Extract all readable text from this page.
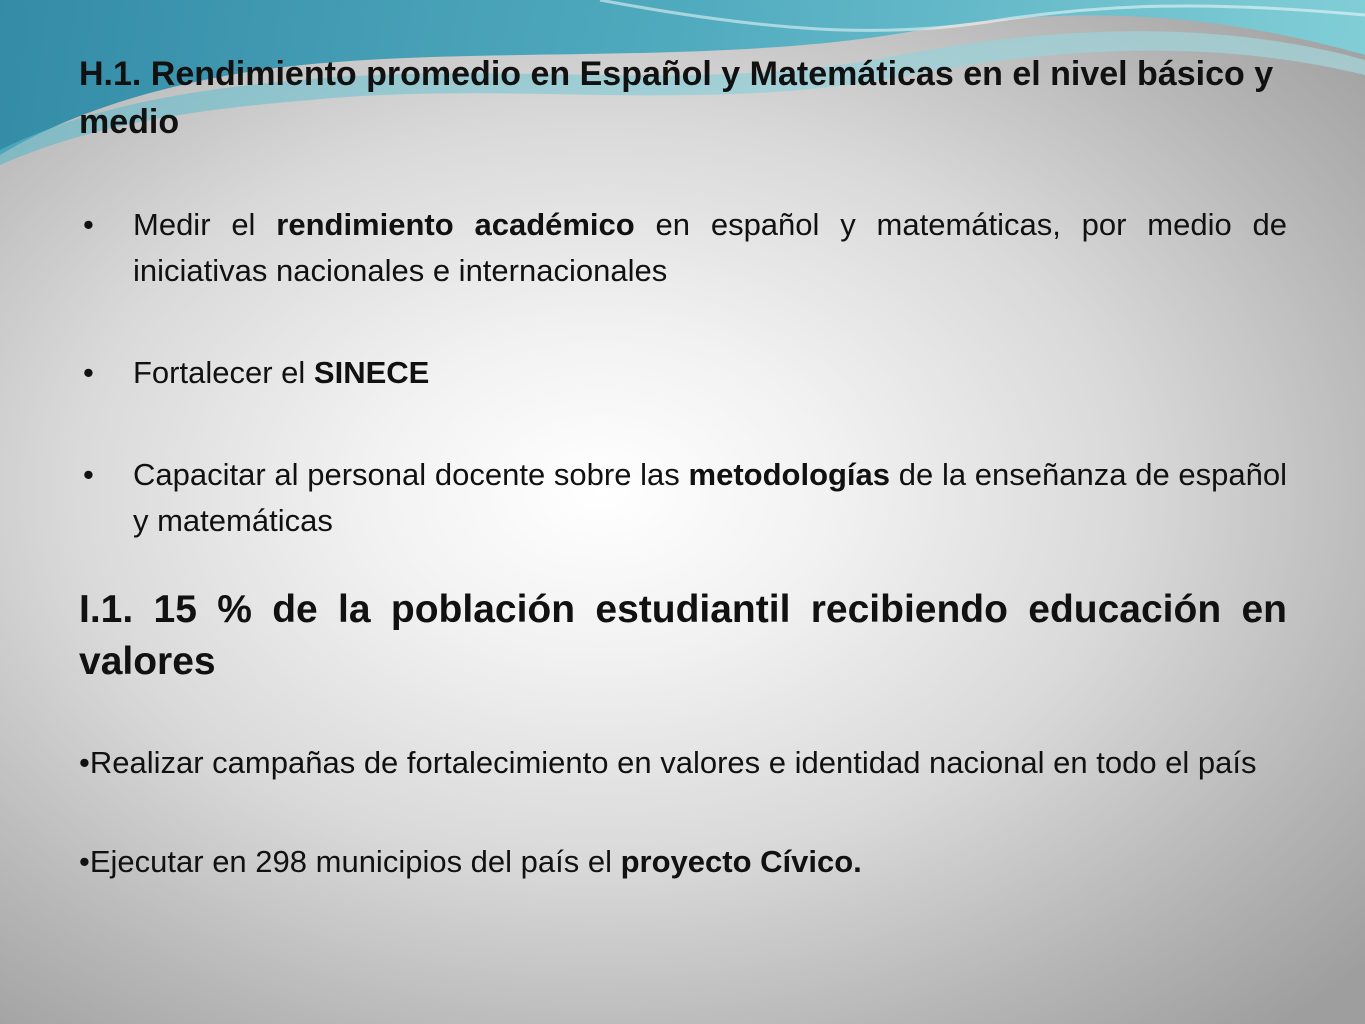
H.1. Rendimiento promedio en Español y Matemáticas en el nivel básico y medio

• Medir el rendimiento académico en español y matemáticas, por medio de iniciativas nacionales e internacionales
• Fortalecer el SINECE
• Capacitar al personal docente sobre las metodologías de la enseñanza de español y matemáticas

I.1. 15 % de la población estudiantil recibiendo educación en valores

•Realizar campañas de fortalecimiento en valores e identidad nacional en todo el país
•Ejecutar en 298 municipios del país el proyecto Cívico.
